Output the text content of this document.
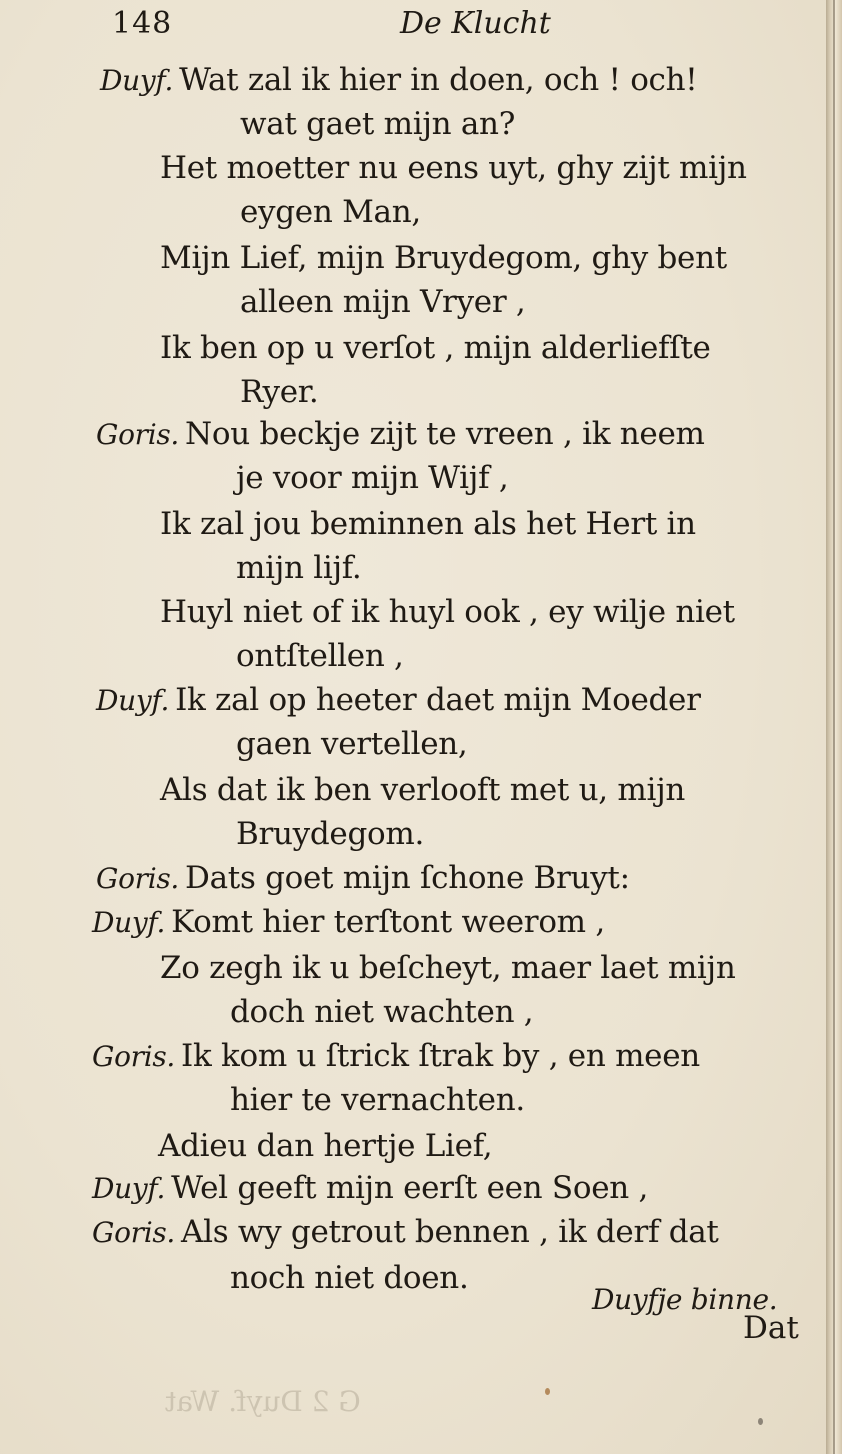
148	De Klucht
G 2 Duyf. Wat
Duyf. Wat zal ik hier in doen, och ! och!
wat gaet mijn an?
Het moetter nu eens uyt, ghy zijt mijn
eygen Man,
Mijn Lief, mijn Bruydegom, ghy bent
alleen mijn Vryer ,
Ik ben op u verſot , mijn alderliefſte
Ryer.
Goris. Nou beckje zijt te vreen , ik neem
je voor mijn Wijf ,
Ik zal jou beminnen als het Hert in
mijn lijf.
Huyl niet of ik huyl ook , ey wilje niet
ontſtellen ,
Duyf. Ik zal op heeter daet mijn Moeder
gaen vertellen,
Als dat ik ben verlooft met u, mijn
Bruydegom.
Goris. Dats goet mijn ſchone Bruyt:
Duyf. Komt hier terſtont weerom ,
Zo zegh ik u beſcheyt, maer laet mijn
doch niet wachten ,
Goris. Ik kom u ſtrick ſtrak by , en meen
hier te vernachten.
Adieu dan hertje Lief,
Duyf. Wel geeft mijn eerſt een Soen ,
Goris. Als wy getrout bennen , ik derf dat
noch niet doen.
Duyfje binne.
Dat
